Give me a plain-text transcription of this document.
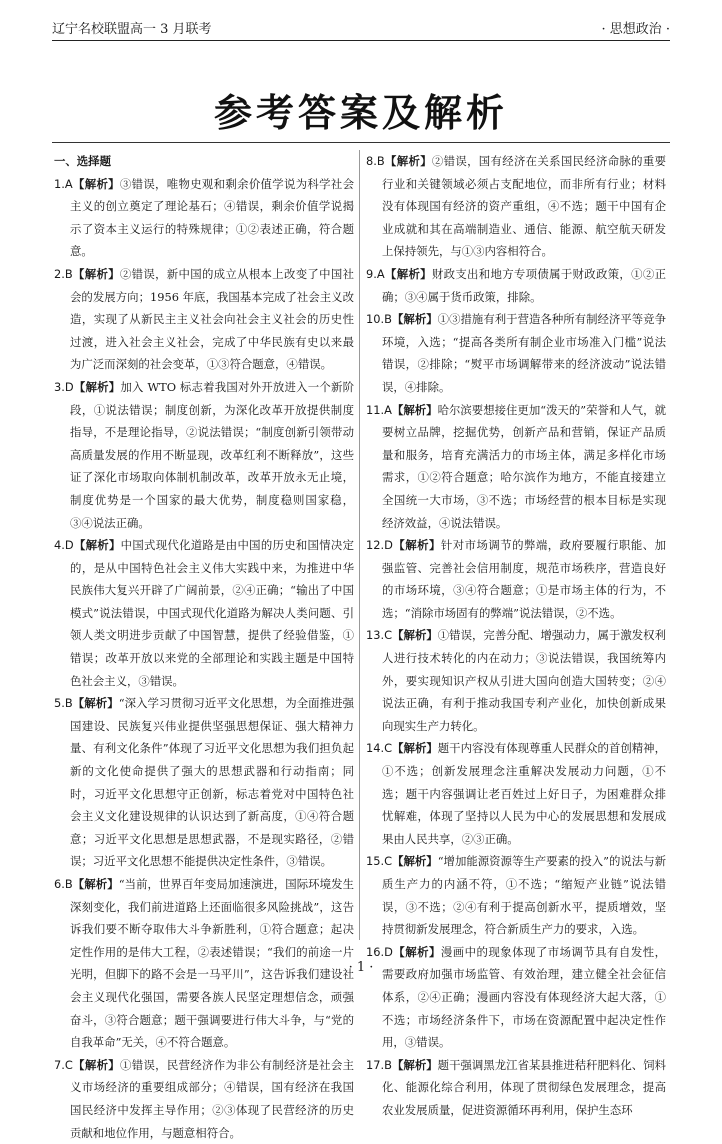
辽宁名校联盟高一 3 月联考	· 思想政治 ·
参考答案及解析
一、选择题

1.A【解析】③错误，唯物史观和剩余价值学说为科学社会主义的创立奠定了理论基石；④错误，剩余价值学说揭示了资本主义运行的特殊规律；①②表述正确，符合题意。

2.B【解析】②错误，新中国的成立从根本上改变了中国社会的发展方向；1956 年底，我国基本完成了社会主义改造，实现了从新民主主义社会向社会主义社会的历史性过渡，进入社会主义社会，完成了中华民族有史以来最为广泛而深刻的社会变革，①③符合题意，④错误。

3.D【解析】加入 WTO 标志着我国对外开放进入一个新阶段，①说法错误；制度创新，为深化改革开放提供制度指导，不是理论指导，②说法错误；“制度创新引领带动高质量发展的作用不断显现，改革红利不断释放”，这些证了深化市场取向体制机制改革，改革开放永无止境，制度优势是一个国家的最大优势，制度稳则国家稳，③④说法正确。

4.D【解析】中国式现代化道路是由中国的历史和国情决定的，是从中国特色社会主义伟大实践中来，为推进中华民族伟大复兴开辟了广阔前景，②④正确；“输出了中国模式”说法错误，中国式现代化道路为解决人类问题、引领人类文明进步贡献了中国智慧，提供了经验借鉴，①错误；改革开放以来党的全部理论和实践主题是中国特色社会主义，③错误。

5.B【解析】“深入学习贯彻习近平文化思想，为全面推进强国建设、民族复兴伟业提供坚强思想保证、强大精神力量、有利文化条件”体现了习近平文化思想为我们担负起新的文化使命提供了强大的思想武器和行动指南；同时，习近平文化思想守正创新，标志着党对中国特色社会主义文化建设规律的认识达到了新高度，①④符合题意；习近平文化思想是思想武器，不是现实路径，②错误；习近平文化思想不能提供决定性条件，③错误。

6.B【解析】“当前，世界百年变局加速演进，国际环境发生深刻变化，我们前进道路上还面临很多风险挑战”，这告诉我们要不断夺取伟大斗争新胜利，①符合题意；起决定性作用的是伟大工程，②表述错误；“我们的前途一片光明，但脚下的路不会是一马平川”，这告诉我们建设社会主义现代化强国，需要各族人民坚定理想信念，顽强奋斗，③符合题意；题干强调要进行伟大斗争，与“党的自我革命”无关，④不符合题意。

7.C【解析】①错误，民营经济作为非公有制经济是社会主义市场经济的重要组成部分；④错误，国有经济在我国国民经济中发挥主导作用；②③体现了民营经济的历史贡献和地位作用，与题意相符合。

8.B【解析】②错误，国有经济在关系国民经济命脉的重要行业和关键领域必须占支配地位，而非所有行业；材料没有体现国有经济的资产重组，④不选；题干中国有企业成就和其在高端制造业、通信、能源、航空航天研发上保持领先，与①③内容相符合。

9.A【解析】财政支出和地方专项债属于财政政策，①②正确；③④属于货币政策，排除。

10.B【解析】①③措施有利于营造各种所有制经济平等竞争环境，入选；“提高各类所有制企业市场准入门槛”说法错误，②排除；“熨平市场调解带来的经济波动”说法错误，④排除。

11.A【解析】哈尔滨要想接住更加“泼天的”荣誉和人气，就要树立品牌，挖掘优势，创新产品和营销，保证产品质量和服务，培育充满活力的市场主体，满足多样化市场需求，①②符合题意；哈尔滨作为地方，不能直接建立全国统一大市场，③不选；市场经营的根本目标是实现经济效益，④说法错误。

12.D【解析】针对市场调节的弊端，政府要履行职能、加强监管、完善社会信用制度，规范市场秩序，营造良好的市场环境，③④符合题意；①是市场主体的行为，不选；“消除市场固有的弊端”说法错误，②不选。

13.C【解析】①错误，完善分配、增强动力，属于激发权利人进行技术转化的内在动力；③说法错误，我国统筹内外，要实现知识产权从引进大国向创造大国转变；②④说法正确，有利于推动我国专利产业化，加快创新成果向现实生产力转化。

14.C【解析】题干内容没有体现尊重人民群众的首创精神，①不选；创新发展理念注重解决发展动力问题，①不选；题干内容强调让老百姓过上好日子，为困难群众排忧解难，体现了坚持以人民为中心的发展思想和发展成果由人民共享，②③正确。

15.C【解析】“增加能源资源等生产要素的投入”的说法与新质生产力的内涵不符，①不选；“缩短产业链”说法错误，③不选；②④有利于提高创新水平，提质增效，坚持贯彻新发展理念，符合新质生产力的要求，入选。

16.D【解析】漫画中的现象体现了市场调节具有自发性，需要政府加强市场监管、有效治理，建立健全社会征信体系，②④正确；漫画内容没有体现经济大起大落，①不选；市场经济条件下，市场在资源配置中起决定性作用，③错误。

17.B【解析】题干强调黑龙江省某县推进秸秆肥料化、饲料化、能源化综合利用，体现了贯彻绿色发展理念，提高农业发展质量，促进资源循环再利用，保护生态环

· 1 ·
